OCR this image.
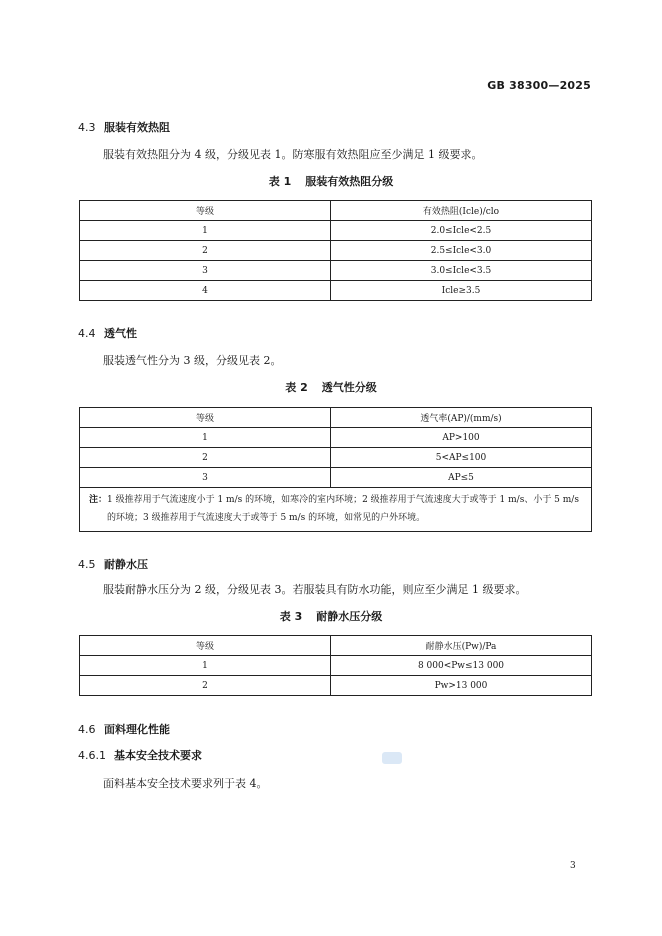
GB 38300—2025
4.3 服装有效热阻
服装有效热阻分为 4 级，分级见表 1。防寒服有效热阻应至少满足 1 级要求。
表 1 服装有效热阻分级
等级	有效热阻(Icle)/clo
1	2.0≤Icle<2.5
2	2.5≤Icle<3.0
3	3.0≤Icle<3.5
4	Icle≥3.5
4.4 透气性
服装透气性分为 3 级，分级见表 2。
表 2 透气性分级
等级	透气率(AP)/(mm/s)
1	AP>100
2	5<AP≤100
3	AP≤5
注：1 级推荐用于气流速度小于 1 m/s 的环境，如寒冷的室内环境；2 级推荐用于气流速度大于或等于 1 m/s、小于 5 m/s 的环境；3 级推荐用于气流速度大于或等于 5 m/s 的环境，如常见的户外环境。	
4.5 耐静水压
服装耐静水压分为 2 级，分级见表 3。若服装具有防水功能，则应至少满足 1 级要求。
表 3 耐静水压分级
等级	耐静水压(Pw)/Pa
1	8 000<Pw≤13 000
2	Pw>13 000
4.6 面料理化性能
4.6.1 基本安全技术要求
面料基本安全技术要求列于表 4。
3
